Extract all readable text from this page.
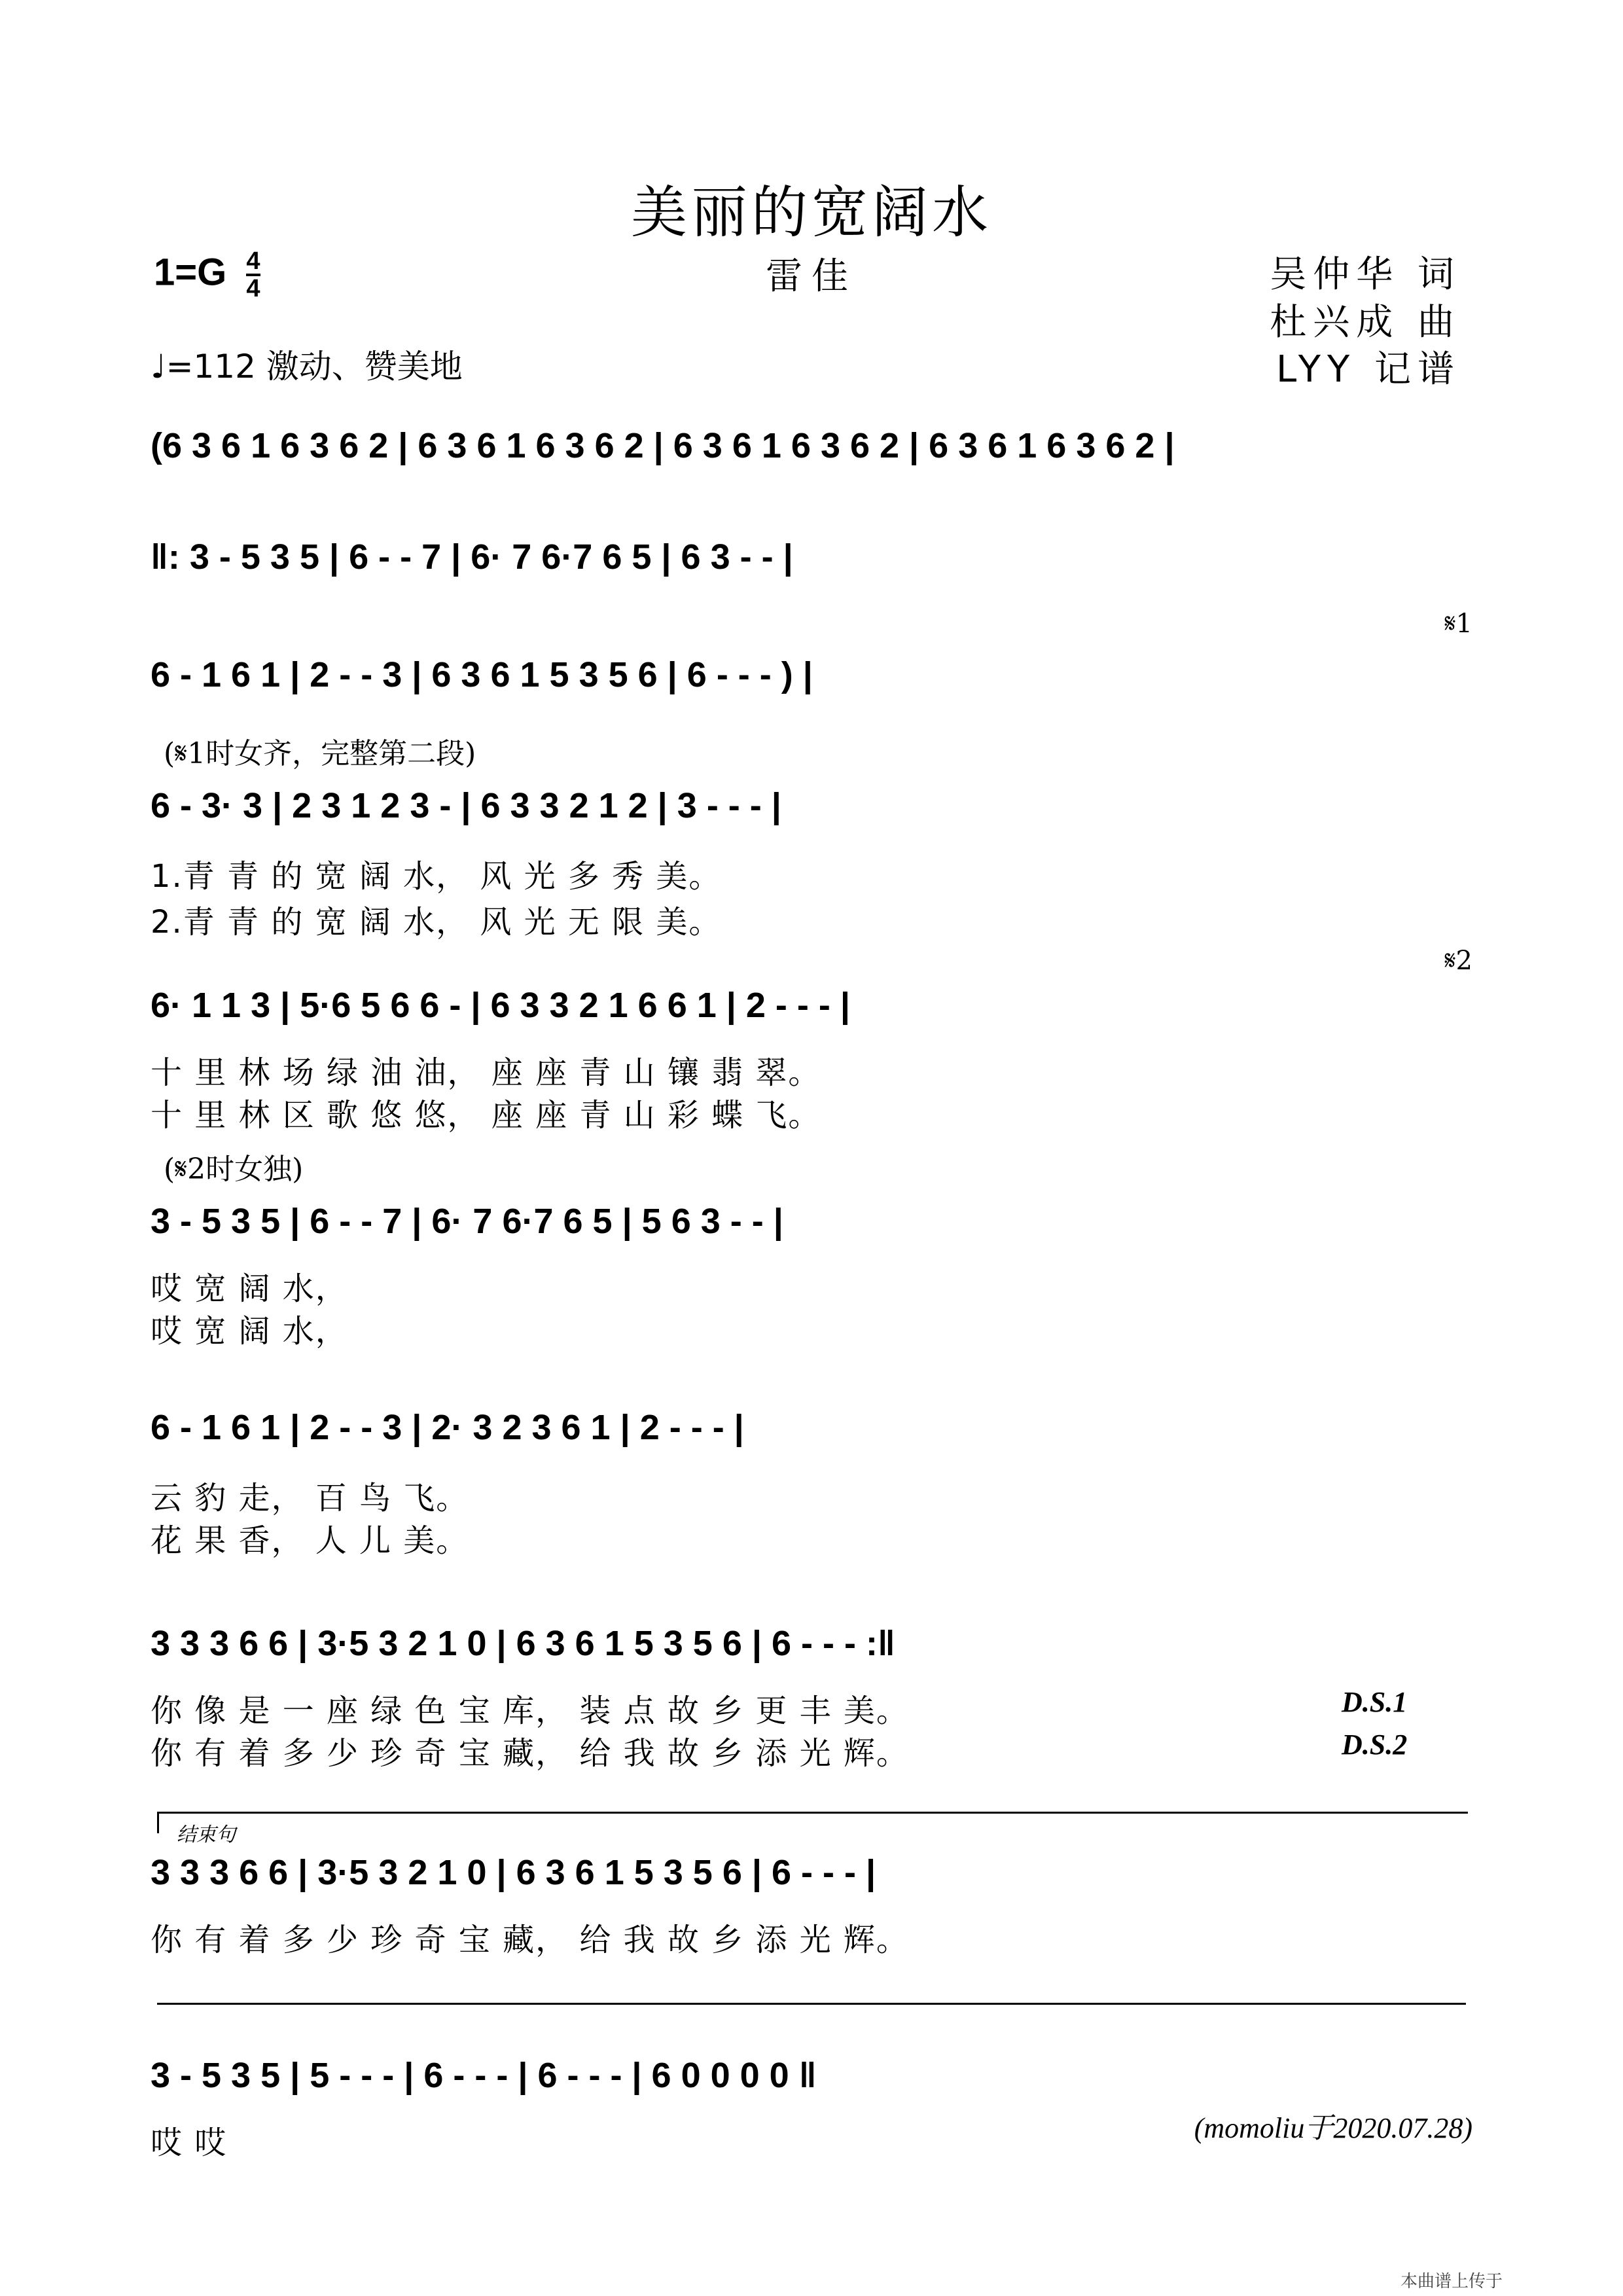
美丽的宽阔水
雷佳
$1=G \frac{4}{4}$	吴仲华 词
杜兴成 曲
LYY 记谱
♩=112 激动、赞美地
(6 3 6 1 6 3 6 2 | 6 3 6 1 6 3 6 2 | 6 3 6 1 6 3 6 2 | 6 3 6 1 6 3 6 2 |
‖: 3 - 5 3 5 | 6 - - 7 | 6· 7 6·7 6 5 | 6 3 - - |
6 - 1 6 1 | 2 - - 3 | 6 3 6 1 5 3 5 6 | 6 - - - ) |
𝄋1
(𝄋1时女齐，完整第二段)
6 - 3· 3 | 2 3 1 2 3 - | 6 3 3 2 1 2 | 3 - - - |
1.青 青 的 宽 阔 水， 风 光 多 秀 美。
2.青 青 的 宽 阔 水， 风 光 无 限 美。
𝄋2
6· 1 1 3 | 5·6 5 6 6 - | 6 3 3 2 1 6 6 1 | 2 - - - |
十 里 林 场 绿 油 油， 座 座 青 山 镶 翡 翠。
十 里 林 区 歌 悠 悠， 座 座 青 山 彩 蝶 飞。
(𝄋2时女独)
3 - 5 3 5 | 6 - - 7 | 6· 7 6·7 6 5 | 5 6 3 - - |
哎 宽 阔 水，
哎 宽 阔 水，
6 - 1 6 1 | 2 - - 3 | 2· 3 2 3 6 1 | 2 - - - |
云 豹 走， 百 鸟 飞。
花 果 香， 人 儿 美。
3 3 3 6 6 | 3·5 3 2 1 0 | 6 3 6 1 5 3 5 6 | 6 - - - :‖
你 像 是 一 座 绿 色 宝 库， 装 点 故 乡 更 丰 美。
你 有 着 多 少 珍 奇 宝 藏， 给 我 故 乡 添 光 辉。
D.S.1
D.S.2
结束句
3 3 3 6 6 | 3·5 3 2 1 0 | 6 3 6 1 5 3 5 6 | 6 - - - |
你 有 着 多 少 珍 奇 宝 藏， 给 我 故 乡 添 光 辉。
3 - 5 3 5 | 5 - - - | 6 - - - | 6 - - - | 6 0 0 0 0 ‖
哎 哎	(momoliu于2020.07.28)
本曲谱上传于
